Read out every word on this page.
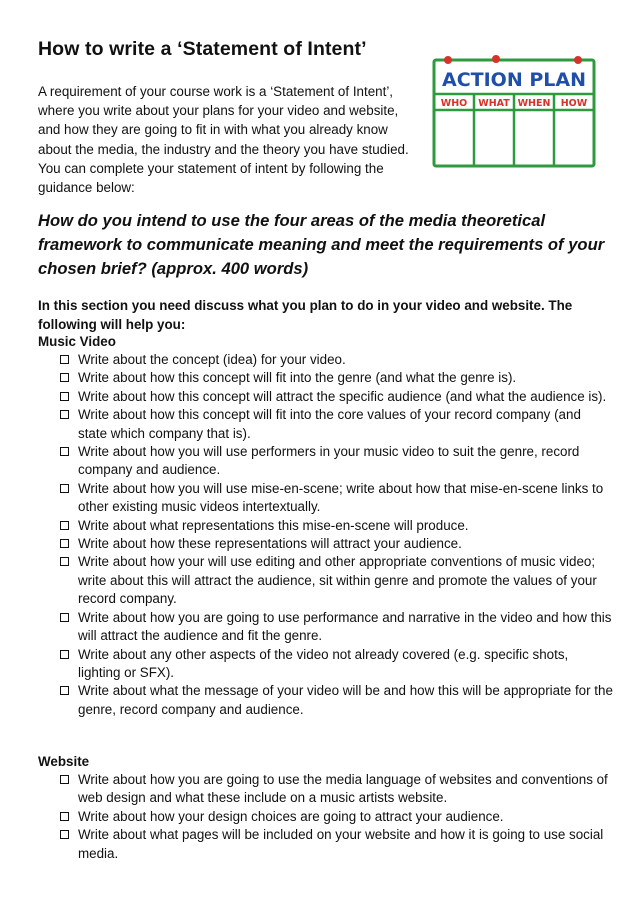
How to write a ‘Statement of Intent’

A requirement of your course work is a ‘Statement of Intent’, where you write about your plans for your video and website, and how they are going to fit in with what you already know about the media, the industry and the theory you have studied. You can complete your statement of intent by following the guidance below:

ACTION PLAN
WHO WHAT WHEN HOW
How do you intend to use the four areas of the media theoretical framework to communicate meaning and meet the requirements of your chosen brief? (approx. 400 words)

In this section you need discuss what you plan to do in your video and website. The following will help you:

Music Video

Write about the concept (idea) for your video.
Write about how this concept will fit into the genre (and what the genre is).
Write about how this concept will attract the specific audience (and what the audience is).
Write about how this concept will fit into the core values of your record company (and state which company that is).
Write about how you will use performers in your music video to suit the genre, record company and audience.
Write about how you will use mise-en-scene; write about how that mise-en-scene links to other existing music videos intertextually.
Write about what representations this mise-en-scene will produce.
Write about how these representations will attract your audience.
Write about how your will use editing and other appropriate conventions of music video; write about this will attract the audience, sit within genre and promote the values of your record company.
Write about how you are going to use performance and narrative in the video and how this will attract the audience and fit the genre.
Write about any other aspects of the video not already covered (e.g. specific shots, lighting or SFX).
Write about what the message of your video will be and how this will be appropriate for the genre, record company and audience.

Website

Write about how you are going to use the media language of websites and conventions of web design and what these include on a music artists website.
Write about how your design choices are going to attract your audience.
Write about what pages will be included on your website and how it is going to use social media.
